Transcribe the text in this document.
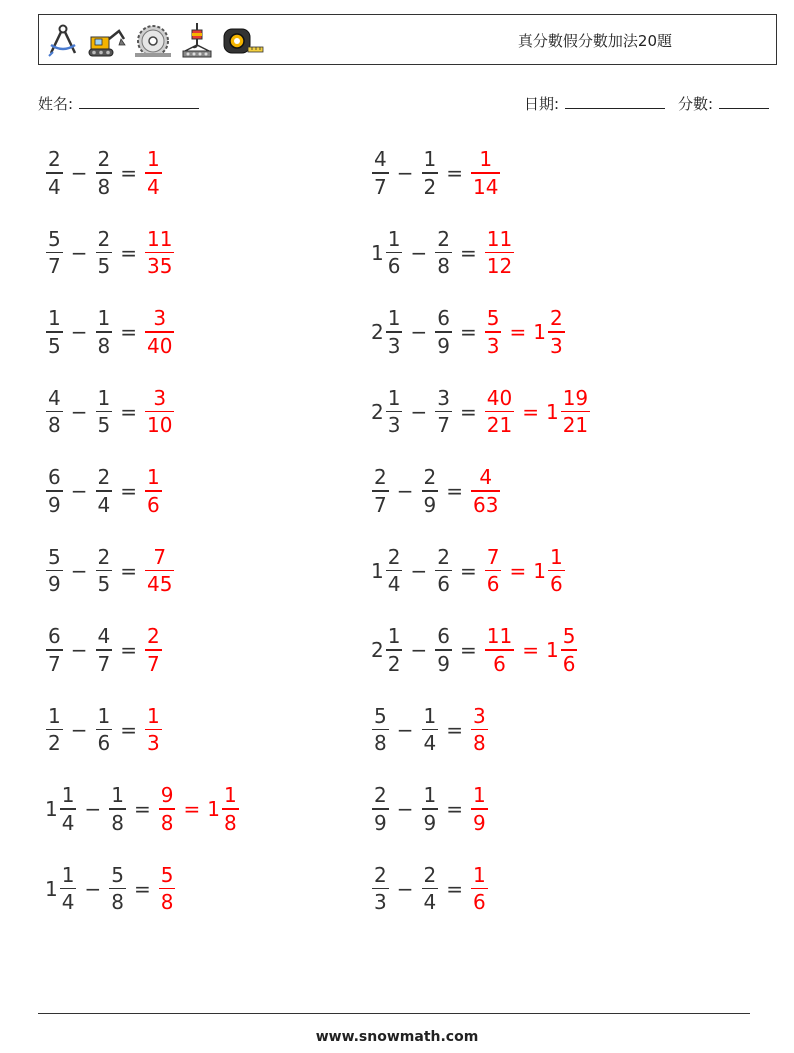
真分數假分數加法20題
姓名:	日期:	分數:
$\frac{2}{4} - \frac{2}{8} = \frac{1}{4}$	$\frac{4}{7} - \frac{1}{2} = \frac{1}{14}$
$\frac{5}{7} - \frac{2}{5} = \frac{11}{35}$	$1 \frac{1}{6} - \frac{2}{8} = \frac{11}{12}$
$\frac{1}{5} - \frac{1}{8} = \frac{3}{40}$	$2 \frac{1}{3} - \frac{6}{9} = \frac{5}{3} = 1 \frac{2}{3}$
$\frac{4}{8} - \frac{1}{5} = \frac{3}{10}$	$2 \frac{1}{3} - \frac{3}{7} = \frac{40}{21} = 1 \frac{19}{21}$
$\frac{6}{9} - \frac{2}{4} = \frac{1}{6}$	$\frac{2}{7} - \frac{2}{9} = \frac{4}{63}$
$\frac{5}{9} - \frac{2}{5} = \frac{7}{45}$	$1 \frac{2}{4} - \frac{2}{6} = \frac{7}{6} = 1 \frac{1}{6}$
$\frac{6}{7} - \frac{4}{7} = \frac{2}{7}$	$2 \frac{1}{2} - \frac{6}{9} = \frac{11}{6} = 1 \frac{5}{6}$
$\frac{1}{2} - \frac{1}{6} = \frac{1}{3}$	$\frac{5}{8} - \frac{1}{4} = \frac{3}{8}$
$1 \frac{1}{4} - \frac{1}{8} = \frac{9}{8} = 1 \frac{1}{8}$	$\frac{2}{9} - \frac{1}{9} = \frac{1}{9}$
$1 \frac{1}{4} - \frac{5}{8} = \frac{5}{8}$	$\frac{2}{3} - \frac{2}{4} = \frac{1}{6}$
www.snowmath.com
